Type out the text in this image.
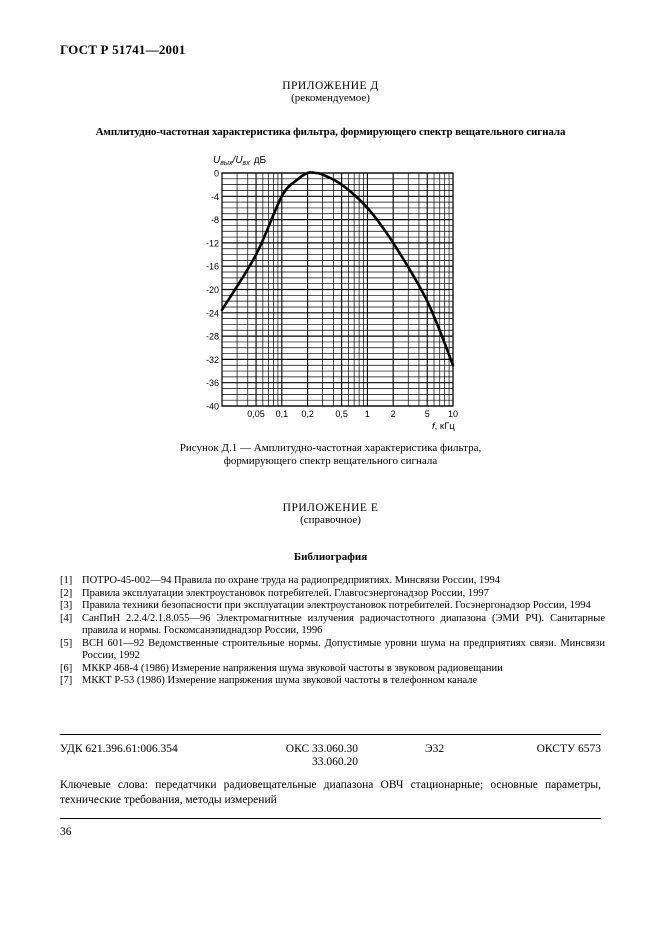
ГОСТ Р 51741—2001
ПРИЛОЖЕНИЕ Д
(рекомендуемое)
Амплитудно-частотная характеристика фильтра, формирующего спектр вещательного сигнала
0
-4
-8
-12
-16
-20
-24
-28
-32
-36
-40
0,05 0,1 0,2 0,5 1 2	5 10
$U_{вых}/U_{вх}$ дБ
f, кГц
Рисунок Д.1 — Амплитудно-частотная характеристика фильтра,
формирующего спектр вещательного сигнала
ПРИЛОЖЕНИЕ Е
(справочное)
Библиография
[1] ПОТРО-45-002—94 Правила по охране труда на радиопредприятиях. Минсвязи России, 1994
[2] Правила эксплуатации электроустановок потребителей. Главгосэнергонадзор России, 1997
[3] Правила техники безопасности при эксплуатации электроустановок потребителей. Госэнергонадзор России, 1994
[4] СанПиН 2.2.4/2.1.8.055—96 Электромагнитные излучения радиочастотного диапазона (ЭМИ РЧ). Санитарные правила и нормы. Госкомсанэпиднадзор России, 1996
[5] ВСН 601—92 Ведомственные строительные нормы. Допустимые уровни шума на предприятиях связи. Минсвязи России, 1992
[6] МККР 468-4 (1986) Измерение напряжения шума звуковой частоты в звуковом радиовещании
[7] МККТ Р-53 (1986) Измерение напряжения шума звуковой частоты в телефонном канале
УДК 621.396.61:006.354	ОКС 33.060.30
33.060.20
Э32	ОКСТУ 6573
Ключевые слова: передатчики радиовещательные диапазона ОВЧ стационарные; основные параметры, технические требования, методы измерений
36
